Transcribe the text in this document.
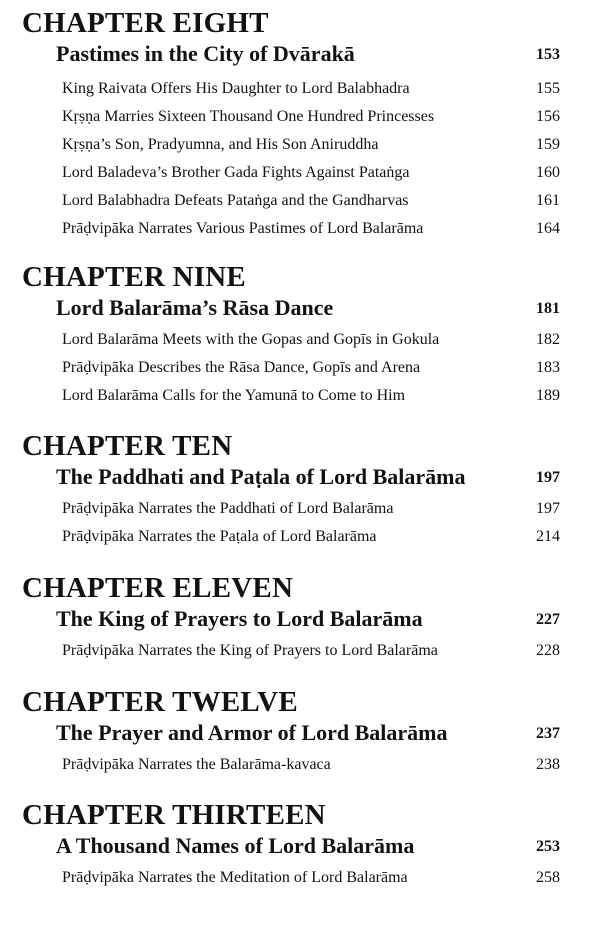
CHAPTER EIGHT
Pastimes in the City of Dvārakā	153
King Raivata Offers His Daughter to Lord Balabhadra	155
Kṛṣṇa Marries Sixteen Thousand One Hundred Princesses	156
Kṛṣṇa’s Son, Pradyumna, and His Son Aniruddha	159
Lord Baladeva’s Brother Gada Fights Against Pataṅga	160
Lord Balabhadra Defeats Pataṅga and the Gandharvas	161
Prāḍvipāka Narrates Various Pastimes of Lord Balarāma	164
CHAPTER NINE
Lord Balarāma’s Rāsa Dance	181
Lord Balarāma Meets with the Gopas and Gopīs in Gokula	182
Prāḍvipāka Describes the Rāsa Dance, Gopīs and Arena	183
Lord Balarāma Calls for the Yamunā to Come to Him	189
CHAPTER TEN
The Paddhati and Paṭala of Lord Balarāma	197
Prāḍvipāka Narrates the Paddhati of Lord Balarāma	197
Prāḍvipāka Narrates the Paṭala of Lord Balarāma	214
CHAPTER ELEVEN
The King of Prayers to Lord Balarāma	227
Prāḍvipāka Narrates the King of Prayers to Lord Balarāma	228
CHAPTER TWELVE
The Prayer and Armor of Lord Balarāma	237
Prāḍvipāka Narrates the Balarāma-kavaca	238
CHAPTER THIRTEEN
A Thousand Names of Lord Balarāma	253
Prāḍvipāka Narrates the Meditation of Lord Balarāma	258
